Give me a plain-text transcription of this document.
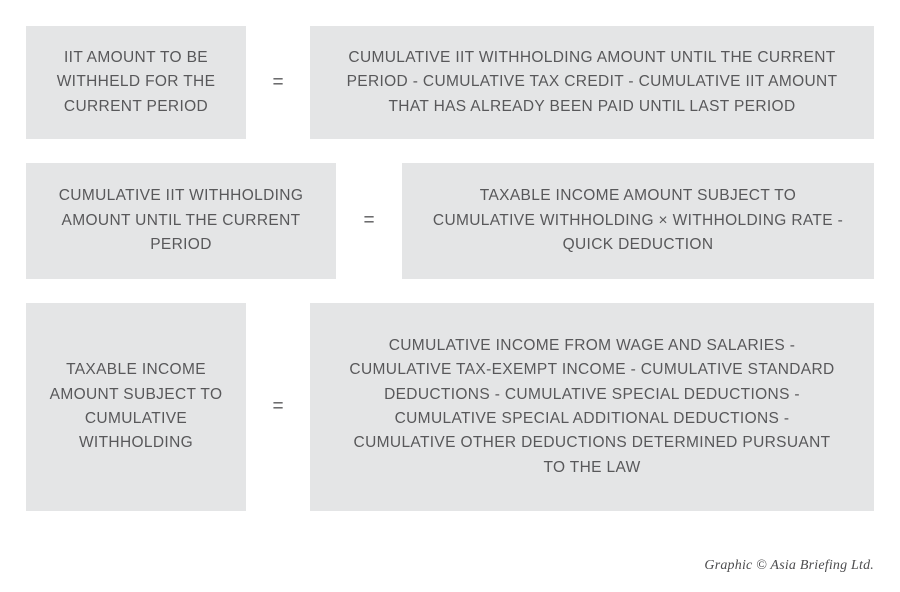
IIT AMOUNT TO BE WITHHELD FOR THE CURRENT PERIOD
=
CUMULATIVE IIT WITHHOLDING AMOUNT UNTIL THE CURRENT PERIOD - CUMULATIVE TAX CREDIT - CUMULATIVE IIT AMOUNT THAT HAS ALREADY BEEN PAID UNTIL LAST PERIOD
CUMULATIVE IIT WITHHOLDING AMOUNT UNTIL THE CURRENT PERIOD
=
TAXABLE INCOME AMOUNT SUBJECT TO CUMULATIVE WITHHOLDING × WITHHOLDING RATE - QUICK DEDUCTION
TAXABLE INCOME AMOUNT SUBJECT TO CUMULATIVE WITHHOLDING
=
CUMULATIVE INCOME FROM WAGE AND SALARIES - CUMULATIVE TAX-EXEMPT INCOME - CUMULATIVE STANDARD DEDUCTIONS - CUMULATIVE SPECIAL DEDUCTIONS -CUMULATIVE SPECIAL ADDITIONAL DEDUCTIONS - CUMULATIVE OTHER DEDUCTIONS DETERMINED PURSUANT TO THE LAW
Graphic © Asia Briefing Ltd.
